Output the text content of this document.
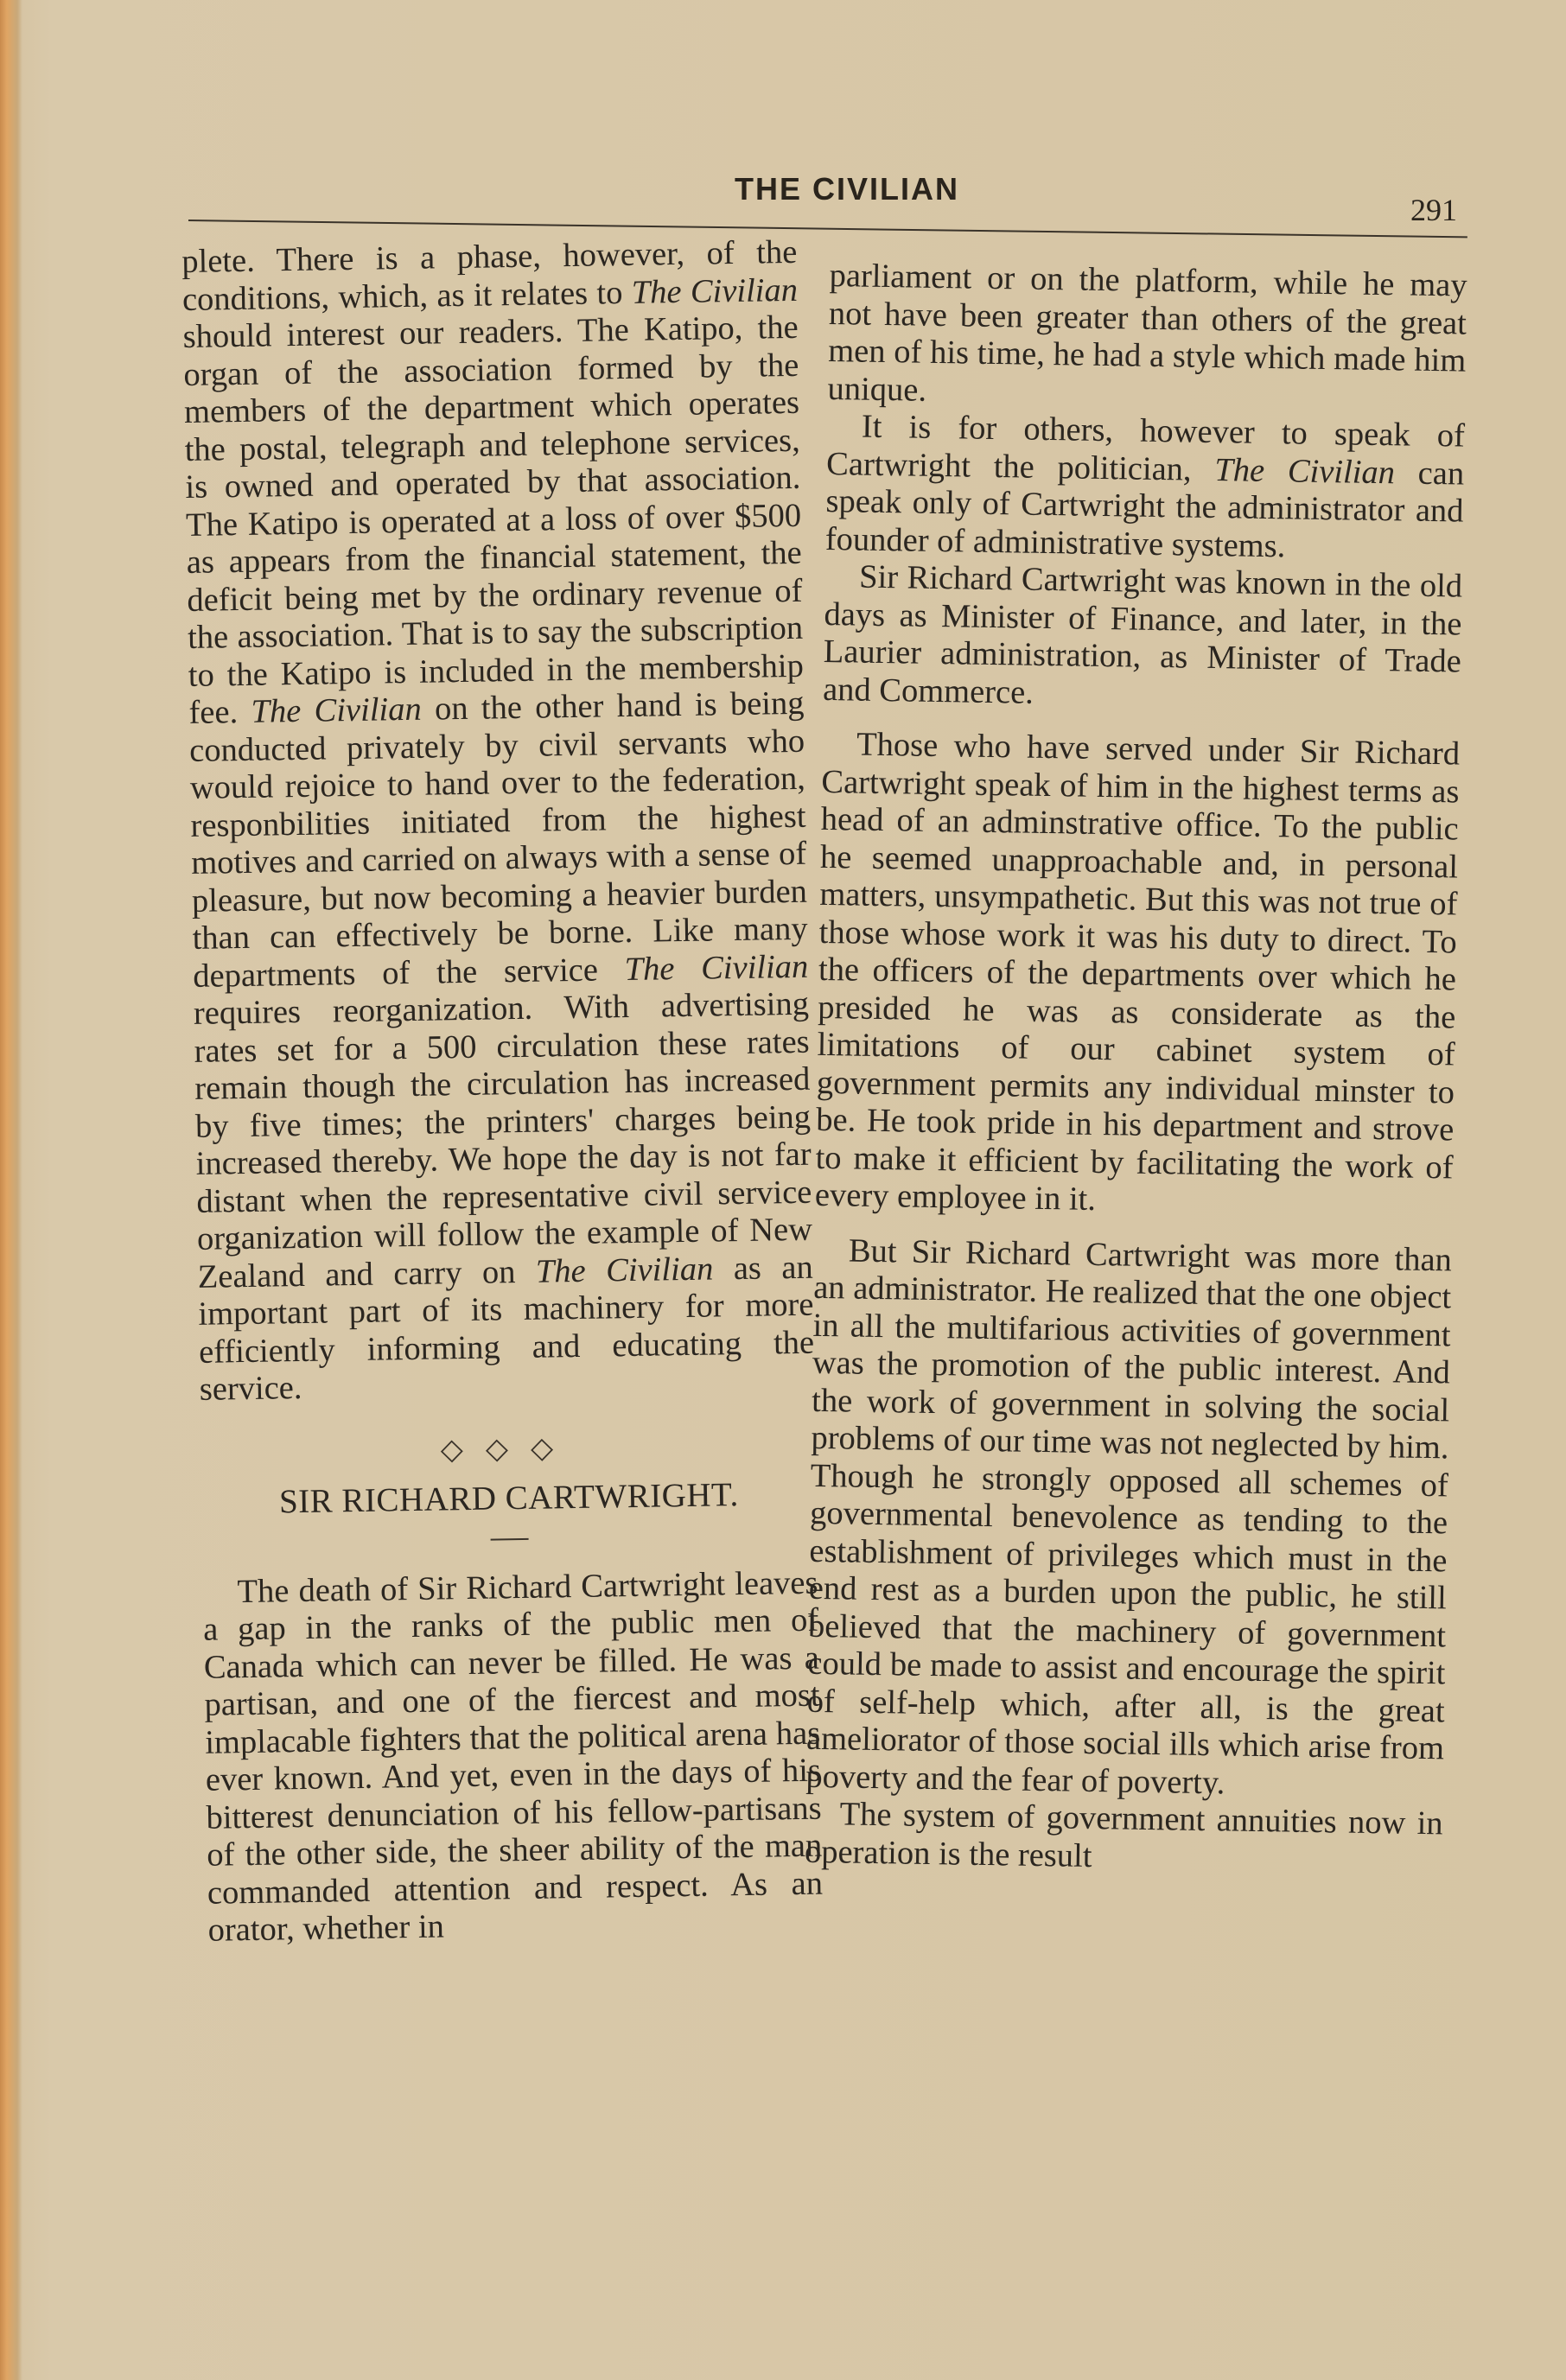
THE CIVILIAN
291

plete. There is a phase, however, of the conditions, which, as it relates to The Civilian should interest our readers. The Katipo, the organ of the association formed by the members of the department which operates the postal, telegraph and telephone services, is owned and operated by that association. The Katipo is operated at a loss of over $500 as appears from the financial statement, the deficit being met by the ordinary revenue of the association. That is to say the subscription to the Katipo is included in the membership fee. The Civilian on the other hand is being conducted privately by civil servants who would rejoice to hand over to the federation, responbilities initiated from the highest motives and carried on always with a sense of pleasure, but now becoming a heavier burden than can effectively be borne. Like many departments of the service The Civilian requires reorganization. With advertising rates set for a 500 circulation these rates remain though the circulation has increased by five times; the printers' charges being increased thereby. We hope the day is not far distant when the representative civil service organization will follow the example of New Zealand and carry on The Civilian as an important part of its machinery for more efficiently informing and educating the service.

◇◇◇
SIR RICHARD CARTWRIGHT.

The death of Sir Richard Cartwright leaves a gap in the ranks of the public men of Canada which can never be filled. He was a partisan, and one of the fiercest and most implacable fighters that the political arena has ever known. And yet, even in the days of his bitterest denunciation of his fellow-partisans of the other side, the sheer ability of the man commanded attention and respect. As an orator, whether in

parliament or on the platform, while he may not have been greater than others of the great men of his time, he had a style which made him unique.

It is for others, however to speak of Cartwright the politician, The Civilian can speak only of Cartwright the administrator and founder of administrative systems.

Sir Richard Cartwright was known in the old days as Minister of Finance, and later, in the Laurier administration, as Minister of Trade and Commerce.

Those who have served under Sir Richard Cartwright speak of him in the highest terms as head of an adminstrative office. To the public he seemed unapproachable and, in personal matters, unsympathetic. But this was not true of those whose work it was his duty to direct. To the officers of the departments over which he presided he was as considerate as the limitations of our cabinet system of government permits any individual minster to be. He took pride in his department and strove to make it efficient by facilitating the work of every employee in it.

But Sir Richard Cartwright was more than an administrator. He realized that the one object in all the multifarious activities of government was the promotion of the public interest. And the work of government in solving the social problems of our time was not neglected by him. Though he strongly opposed all schemes of governmental benevolence as tending to the establishment of privileges which must in the end rest as a burden upon the public, he still believed that the machinery of government could be made to assist and encourage the spirit of self-help which, after all, is the great ameliorator of those social ills which arise from poverty and the fear of poverty.

The system of government annuities now in operation is the result
